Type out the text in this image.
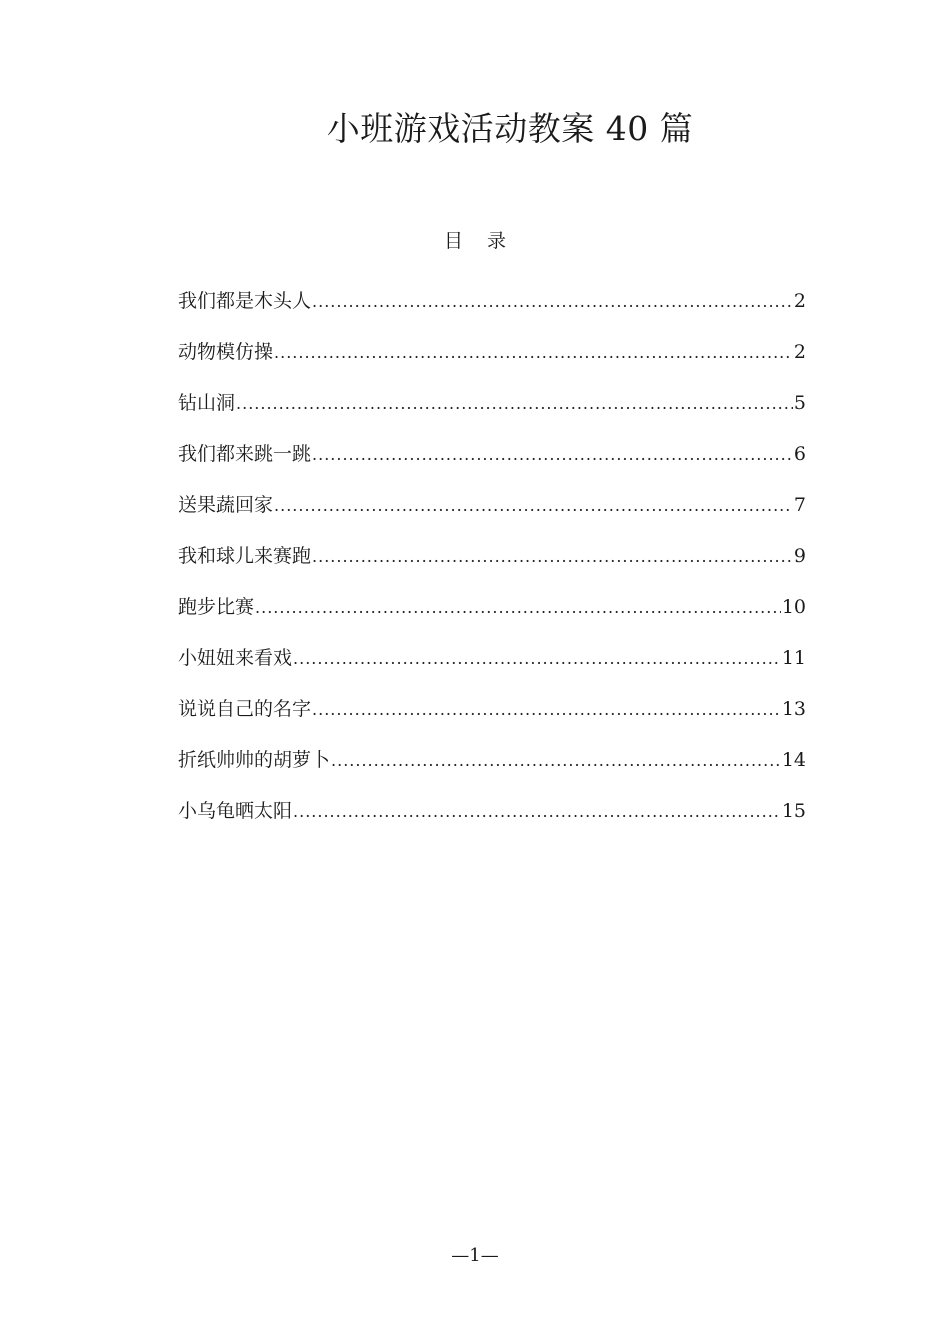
小班游戏活动教案 40 篇
目录
我们都是木头人 .....	2
动物模仿操 .....	2
钻山洞 .....	5
我们都来跳一跳 .....	6
送果蔬回家 .....	7
我和球儿来赛跑 .....	9
跑步比赛 .....	10
小妞妞来看戏 .....	11
说说自己的名字 .....	13
折纸帅帅的胡萝卜 .....	14
小乌龟晒太阳 .....	15
—1—
